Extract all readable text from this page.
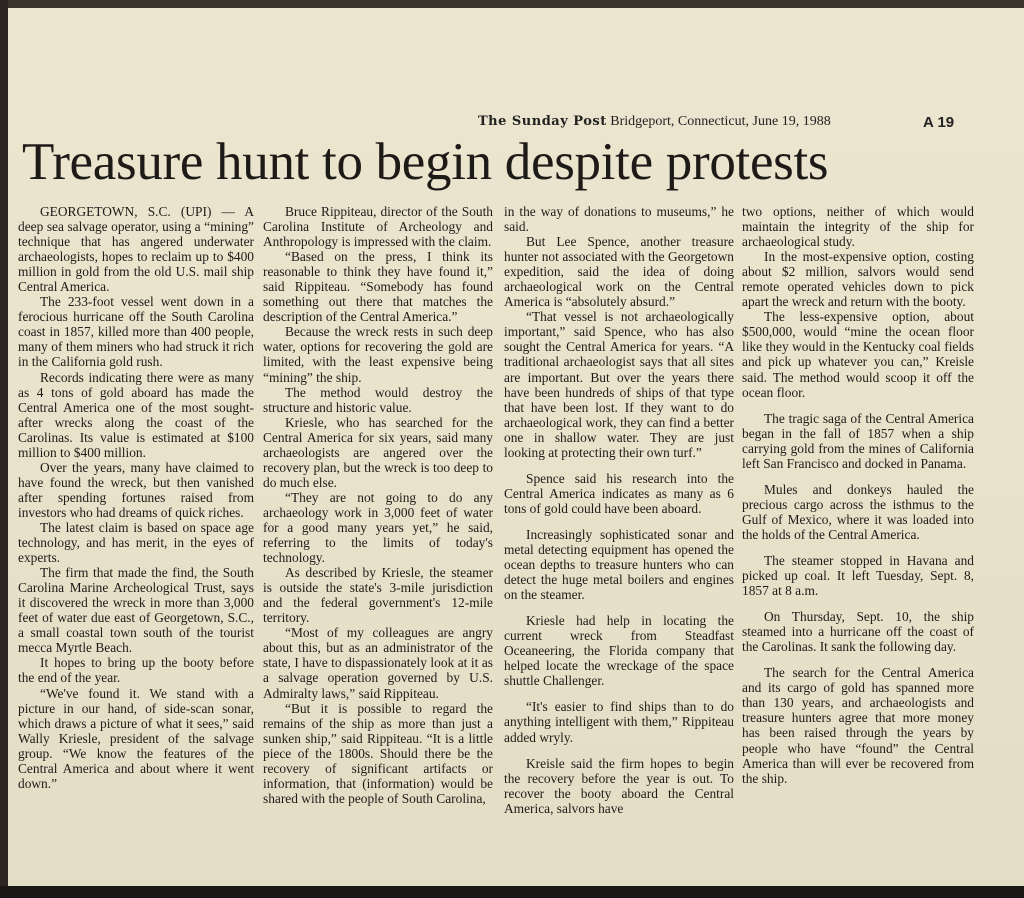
The Sunday Post Bridgeport, Connecticut, June 19, 1988	A 19
Treasure hunt to begin despite protests

GEORGETOWN, S.C. (UPI) — A deep sea salvage operator, using a “mining” technique that has angered underwater archaeologists, hopes to reclaim up to $400 million in gold from the old U.S. mail ship Central America.

The 233-foot vessel went down in a ferocious hurricane off the South Carolina coast in 1857, killed more than 400 people, many of them miners who had struck it rich in the California gold rush.

Records indicating there were as many as 4 tons of gold aboard has made the Central America one of the most sought-after wrecks along the coast of the Carolinas. Its value is estimated at $100 million to $400 million.

Over the years, many have claimed to have found the wreck, but then vanished after spending fortunes raised from investors who had dreams of quick riches.

The latest claim is based on space age technology, and has merit, in the eyes of experts.

The firm that made the find, the South Carolina Marine Archeological Trust, says it discovered the wreck in more than 3,000 feet of water due east of Georgetown, S.C., a small coastal town south of the tourist mecca Myrtle Beach.

It hopes to bring up the booty before the end of the year.

“We've found it. We stand with a picture in our hand, of side-scan sonar, which draws a picture of what it sees,” said Wally Kriesle, president of the salvage group. “We know the features of the Central America and about where it went down.”

Bruce Rippiteau, director of the South Carolina Institute of Archeology and Anthropology is impressed with the claim.

“Based on the press, I think its reasonable to think they have found it,” said Rippiteau. “Somebody has found something out there that matches the description of the Central America.”

Because the wreck rests in such deep water, options for recovering the gold are limited, with the least expensive being “mining” the ship.

The method would destroy the structure and historic value.

Kriesle, who has searched for the Central America for six years, said many archaeologists are angered over the recovery plan, but the wreck is too deep to do much else.

“They are not going to do any archaeology work in 3,000 feet of water for a good many years yet,” he said, referring to the limits of today's technology.

As described by Kriesle, the steamer is outside the state's 3-mile jurisdiction and the federal government's 12-mile territory.

“Most of my colleagues are angry about this, but as an administrator of the state, I have to dispassionately look at it as a salvage operation governed by U.S. Admiralty laws,” said Rippiteau.

“But it is possible to regard the remains of the ship as more than just a sunken ship,” said Rippiteau. “It is a little piece of the 1800s. Should there be the recovery of significant artifacts or information, that (information) would be shared with the people of South Carolina,

in the way of donations to museums,” he said.

But Lee Spence, another treasure hunter not associated with the Georgetown expedition, said the idea of doing archaeological work on the Central America is “absolutely absurd.”

“That vessel is not archaeologically important,” said Spence, who has also sought the Central America for years. “A traditional archaeologist says that all sites are important. But over the years there have been hundreds of ships of that type that have been lost. If they want to do archaeological work, they can find a better one in shallow water. They are just looking at protecting their own turf.”

Spence said his research into the Central America indicates as many as 6 tons of gold could have been aboard.

Increasingly sophisticated sonar and metal detecting equipment has opened the ocean depths to treasure hunters who can detect the huge metal boilers and engines on the steamer.

Kriesle had help in locating the current wreck from Steadfast Oceaneering, the Florida company that helped locate the wreckage of the space shuttle Challenger.

“It's easier to find ships than to do anything intelligent with them,” Rippiteau added wryly.

Kreisle said the firm hopes to begin the recovery before the year is out. To recover the booty aboard the Central America, salvors have

two options, neither of which would maintain the integrity of the ship for archaeological study.

In the most-expensive option, costing about $2 million, salvors would send remote operated vehicles down to pick apart the wreck and return with the booty.

The less-expensive option, about $500,000, would “mine the ocean floor like they would in the Kentucky coal fields and pick up whatever you can,” Kreisle said. The method would scoop it off the ocean floor.

The tragic saga of the Central America began in the fall of 1857 when a ship carrying gold from the mines of California left San Francisco and docked in Panama.

Mules and donkeys hauled the precious cargo across the isthmus to the Gulf of Mexico, where it was loaded into the holds of the Central America.

The steamer stopped in Havana and picked up coal. It left Tuesday, Sept. 8, 1857 at 8 a.m.

On Thursday, Sept. 10, the ship steamed into a hurricane off the coast of the Carolinas. It sank the following day.

The search for the Central America and its cargo of gold has spanned more than 130 years, and archaeologists and treasure hunters agree that more money has been raised through the years by people who have “found” the Central America than will ever be recovered from the ship.
